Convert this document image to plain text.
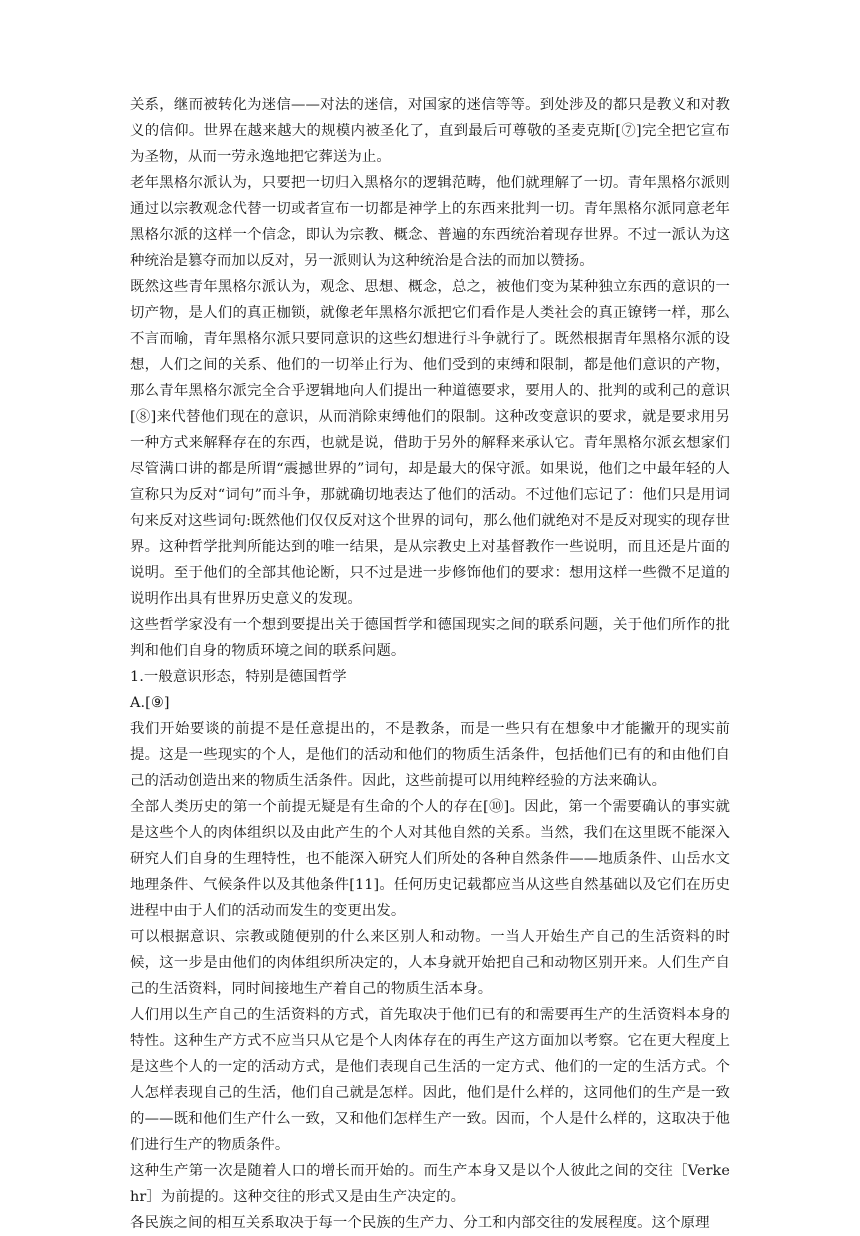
关系，继而被转化为迷信——对法的迷信，对国家的迷信等等。到处涉及的都只是教义和对教义的信仰。世界在越来越大的规模内被圣化了，直到最后可尊敬的圣麦克斯[⑦]完全把它宣布为圣物，从而一劳永逸地把它葬送为止。

老年黑格尔派认为，只要把一切归入黑格尔的逻辑范畴，他们就理解了一切。青年黑格尔派则通过以宗教观念代替一切或者宣布一切都是神学上的东西来批判一切。青年黑格尔派同意老年黑格尔派的这样一个信念，即认为宗教、概念、普遍的东西统治着现存世界。不过一派认为这种统治是篡夺而加以反对，另一派则认为这种统治是合法的而加以赞扬。

既然这些青年黑格尔派认为，观念、思想、概念，总之，被他们变为某种独立东西的意识的一切产物，是人们的真正枷锁，就像老年黑格尔派把它们看作是人类社会的真正镣铐一样，那么不言而喻，青年黑格尔派只要同意识的这些幻想进行斗争就行了。既然根据青年黑格尔派的设想，人们之间的关系、他们的一切举止行为、他们受到的束缚和限制，都是他们意识的产物，那么青年黑格尔派完全合乎逻辑地向人们提出一种道德要求，要用人的、批判的或利己的意识[⑧]来代替他们现在的意识，从而消除束缚他们的限制。这种改变意识的要求，就是要求用另一种方式来解释存在的东西，也就是说，借助于另外的解释来承认它。青年黑格尔派玄想家们尽管满口讲的都是所谓“震撼世界的”词句，却是最大的保守派。如果说，他们之中最年轻的人宣称只为反对“词句”而斗争，那就确切地表达了他们的活动。不过他们忘记了：他们只是用词句来反对这些词句:既然他们仅仅反对这个世界的词句，那么他们就绝对不是反对现实的现存世界。这种哲学批判所能达到的唯一结果，是从宗教史上对基督教作一些说明，而且还是片面的说明。至于他们的全部其他论断，只不过是进一步修饰他们的要求：想用这样一些微不足道的说明作出具有世界历史意义的发现。

这些哲学家没有一个想到要提出关于德国哲学和德国现实之间的联系问题，关于他们所作的批判和他们自身的物质环境之间的联系问题。

1.一般意识形态，特别是德国哲学

A.[⑨]

我们开始要谈的前提不是任意提出的，不是教条，而是一些只有在想象中才能撇开的现实前提。这是一些现实的个人，是他们的活动和他们的物质生活条件，包括他们已有的和由他们自己的活动创造出来的物质生活条件。因此，这些前提可以用纯粹经验的方法来确认。

全部人类历史的第一个前提无疑是有生命的个人的存在[⑩]。因此，第一个需要确认的事实就是这些个人的肉体组织以及由此产生的个人对其他自然的关系。当然，我们在这里既不能深入研究人们自身的生理特性，也不能深入研究人们所处的各种自然条件——地质条件、山岳水文地理条件、气候条件以及其他条件[11]。任何历史记载都应当从这些自然基础以及它们在历史进程中由于人们的活动而发生的变更出发。

可以根据意识、宗教或随便别的什么来区别人和动物。一当人开始生产自己的生活资料的时候，这一步是由他们的肉体组织所决定的，人本身就开始把自己和动物区别开来。人们生产自己的生活资料，同时间接地生产着自己的物质生活本身。

人们用以生产自己的生活资料的方式，首先取决于他们已有的和需要再生产的生活资料本身的特性。这种生产方式不应当只从它是个人肉体存在的再生产这方面加以考察。它在更大程度上是这些个人的一定的活动方式，是他们表现自己生活的一定方式、他们的一定的生活方式。个人怎样表现自己的生活，他们自己就是怎样。因此，他们是什么样的，这同他们的生产是一致的——既和他们生产什么一致，又和他们怎样生产一致。因而，个人是什么样的，这取决于他们进行生产的物质条件。

这种生产第一次是随着人口的增长而开始的。而生产本身又是以个人彼此之间的交往［Verkehr］为前提的。这种交往的形式又是由生产决定的。

各民族之间的相互关系取决于每一个民族的生产力、分工和内部交往的发展程度。这个原理
